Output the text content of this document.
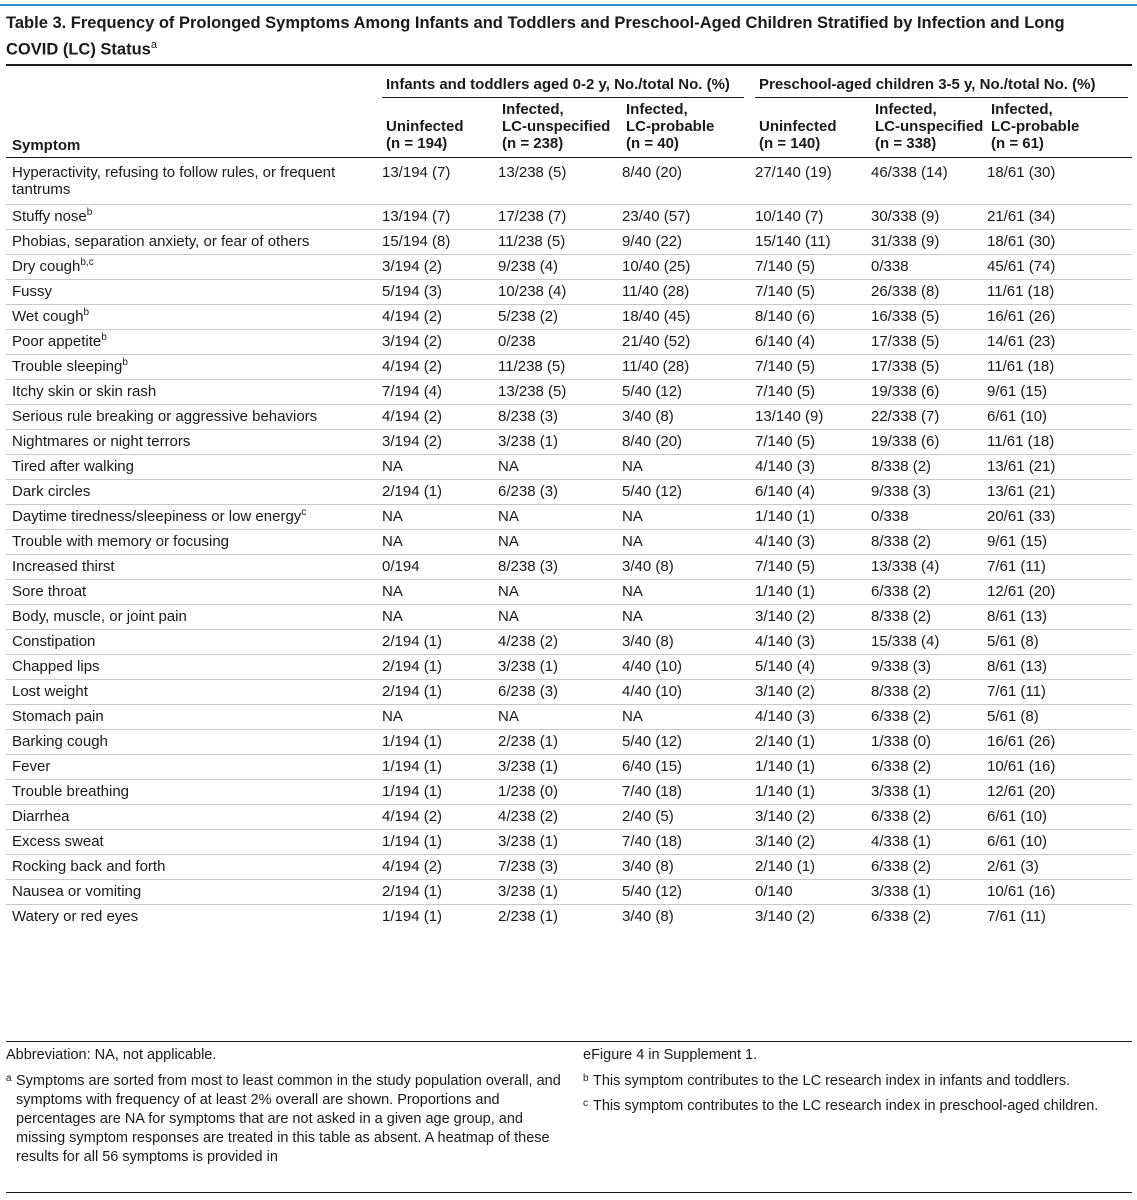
Table 3. Frequency of Prolonged Symptoms Among Infants and Toddlers and Preschool-Aged Children Stratified by Infection and Long COVID (LC) Status$^a$
Infants and toddlers aged 0-2 y, No./total No. (%) Preschool-aged children 3-5 y, No./total No. (%)
Symptom
Uninfected
(n = 194)
Infected,
LC-unspecified
(n = 238)
Infected,
LC-probable
(n = 40)
Uninfected
(n = 140)
Infected,
LC-unspecified
(n = 338)
Infected,
LC-probable
(n = 61)
Hyperactivity, refusing to follow rules, or frequent tantrums	13/194 (7)	13/238 (5)	8/40 (20)	27/140 (19)	46/338 (14)	18/61 (30)
Stuffy nose$^b$	13/194 (7)	17/238 (7)	23/40 (57)	10/140 (7)	30/338 (9)	21/61 (34)
Phobias, separation anxiety, or fear of others	15/194 (8)	11/238 (5)	9/40 (22)	15/140 (11)	31/338 (9)	18/61 (30)
Dry cough$^{b,c}$	3/194 (2)	9/238 (4)	10/40 (25)	7/140 (5)	0/338	45/61 (74)
Fussy	5/194 (3)	10/238 (4)	11/40 (28)	7/140 (5)	26/338 (8)	11/61 (18)
Wet cough$^b$	4/194 (2)	5/238 (2)	18/40 (45)	8/140 (6)	16/338 (5)	16/61 (26)
Poor appetite$^b$	3/194 (2)	0/238	21/40 (52)	6/140 (4)	17/338 (5)	14/61 (23)
Trouble sleeping$^b$	4/194 (2)	11/238 (5)	11/40 (28)	7/140 (5)	17/338 (5)	11/61 (18)
Itchy skin or skin rash	7/194 (4)	13/238 (5)	5/40 (12)	7/140 (5)	19/338 (6)	9/61 (15)
Serious rule breaking or aggressive behaviors	4/194 (2)	8/238 (3)	3/40 (8)	13/140 (9)	22/338 (7)	6/61 (10)
Nightmares or night terrors	3/194 (2)	3/238 (1)	8/40 (20)	7/140 (5)	19/338 (6)	11/61 (18)
Tired after walking	NA	NA	NA	4/140 (3)	8/338 (2)	13/61 (21)
Dark circles	2/194 (1)	6/238 (3)	5/40 (12)	6/140 (4)	9/338 (3)	13/61 (21)
Daytime tiredness/sleepiness or low energy$^c$	NA	NA	NA	1/140 (1)	0/338	20/61 (33)
Trouble with memory or focusing	NA	NA	NA	4/140 (3)	8/338 (2)	9/61 (15)
Increased thirst	0/194	8/238 (3)	3/40 (8)	7/140 (5)	13/338 (4)	7/61 (11)
Sore throat	NA	NA	NA	1/140 (1)	6/338 (2)	12/61 (20)
Body, muscle, or joint pain	NA	NA	NA	3/140 (2)	8/338 (2)	8/61 (13)
Constipation	2/194 (1)	4/238 (2)	3/40 (8)	4/140 (3)	15/338 (4)	5/61 (8)
Chapped lips	2/194 (1)	3/238 (1)	4/40 (10)	5/140 (4)	9/338 (3)	8/61 (13)
Lost weight	2/194 (1)	6/238 (3)	4/40 (10)	3/140 (2)	8/338 (2)	7/61 (11)
Stomach pain	NA	NA	NA	4/140 (3)	6/338 (2)	5/61 (8)
Barking cough	1/194 (1)	2/238 (1)	5/40 (12)	2/140 (1)	1/338 (0)	16/61 (26)
Fever	1/194 (1)	3/238 (1)	6/40 (15)	1/140 (1)	6/338 (2)	10/61 (16)
Trouble breathing	1/194 (1)	1/238 (0)	7/40 (18)	1/140 (1)	3/338 (1)	12/61 (20)
Diarrhea	4/194 (2)	4/238 (2)	2/40 (5)	3/140 (2)	6/338 (2)	6/61 (10)
Excess sweat	1/194 (1)	3/238 (1)	7/40 (18)	3/140 (2)	4/338 (1)	6/61 (10)
Rocking back and forth	4/194 (2)	7/238 (3)	3/40 (8)	2/140 (1)	6/338 (2)	2/61 (3)
Nausea or vomiting	2/194 (1)	3/238 (1)	5/40 (12)	0/140	3/338 (1)	10/61 (16)
Watery or red eyes	1/194 (1)	2/238 (1)	3/40 (8)	3/140 (2)	6/338 (2)	7/61 (11)
Abbreviation: NA, not applicable.
a Symptoms are sorted from most to least common in the study population overall, and symptoms with frequency of at least 2% overall are shown. Proportions and percentages are NA for symptoms that are not asked in a given age group, and missing symptom responses are treated in this table as absent. A heatmap of these results for all 56 symptoms is provided in
eFigure 4 in Supplement 1.
b This symptom contributes to the LC research index in infants and toddlers.
c This symptom contributes to the LC research index in preschool-aged children.
